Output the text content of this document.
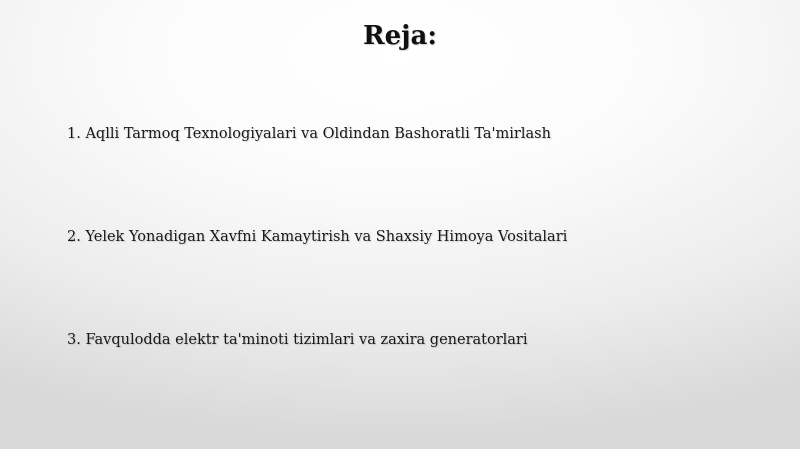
Reja:
1. Aqlli Tarmoq Texnologiyalari va Oldindan Bashoratli Ta'mirlash
2. Yelek Yonadigan Xavfni Kamaytirish va Shaxsiy Himoya Vositalari
3. Favqulodda elektr ta'minoti tizimlari va zaxira generatorlari
